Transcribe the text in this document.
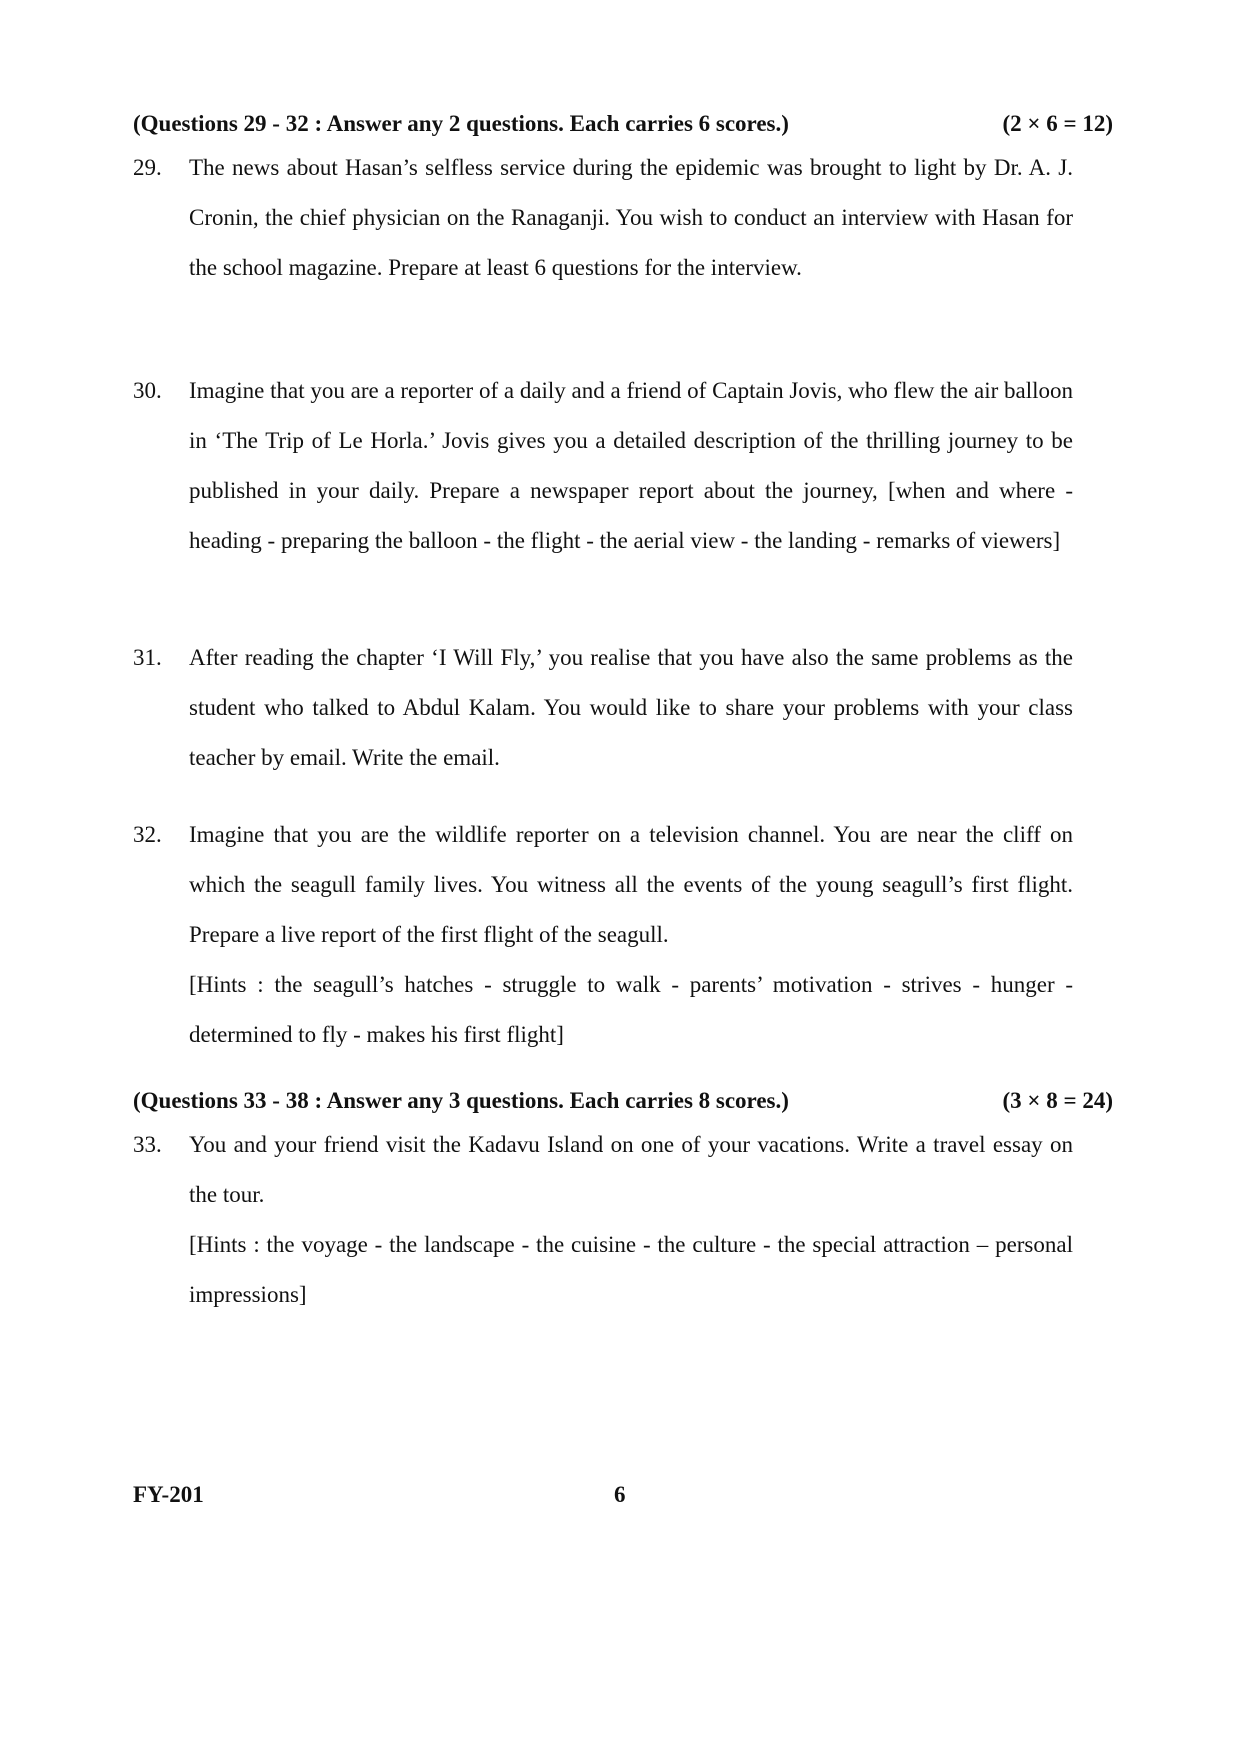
(Questions 29 - 32 : Answer any 2 questions. Each carries 6 scores.)	(2 × 6 = 12)
29. The news about Hasan’s selfless service during the epidemic was brought to light by Dr. A. J. Cronin, the chief physician on the Ranaganji. You wish to conduct an interview with Hasan for the school magazine. Prepare at least 6 questions for the interview.

30. Imagine that you are a reporter of a daily and a friend of Captain Jovis, who flew the air balloon in ‘The Trip of Le Horla.’ Jovis gives you a detailed description of the thrilling journey to be published in your daily. Prepare a newspaper report about the journey, [when and where - heading - preparing the balloon - the flight - the aerial view - the landing - remarks of viewers]

31. After reading the chapter ‘I Will Fly,’ you realise that you have also the same problems as the student who talked to Abdul Kalam. You would like to share your problems with your class teacher by email. Write the email.

32. Imagine that you are the wildlife reporter on a television channel. You are near the cliff on which the seagull family lives. You witness all the events of the young seagull’s first flight. Prepare a live report of the first flight of the seagull.

[Hints : the seagull’s hatches - struggle to walk - parents’ motivation - strives - hunger - determined to fly - makes his first flight]

(Questions 33 - 38 : Answer any 3 questions. Each carries 8 scores.)	(3 × 8 = 24)
33. You and your friend visit the Kadavu Island on one of your vacations. Write a travel essay on the tour.

[Hints : the voyage - the landscape - the cuisine - the culture - the special attraction – personal impressions]

FY-201	6
